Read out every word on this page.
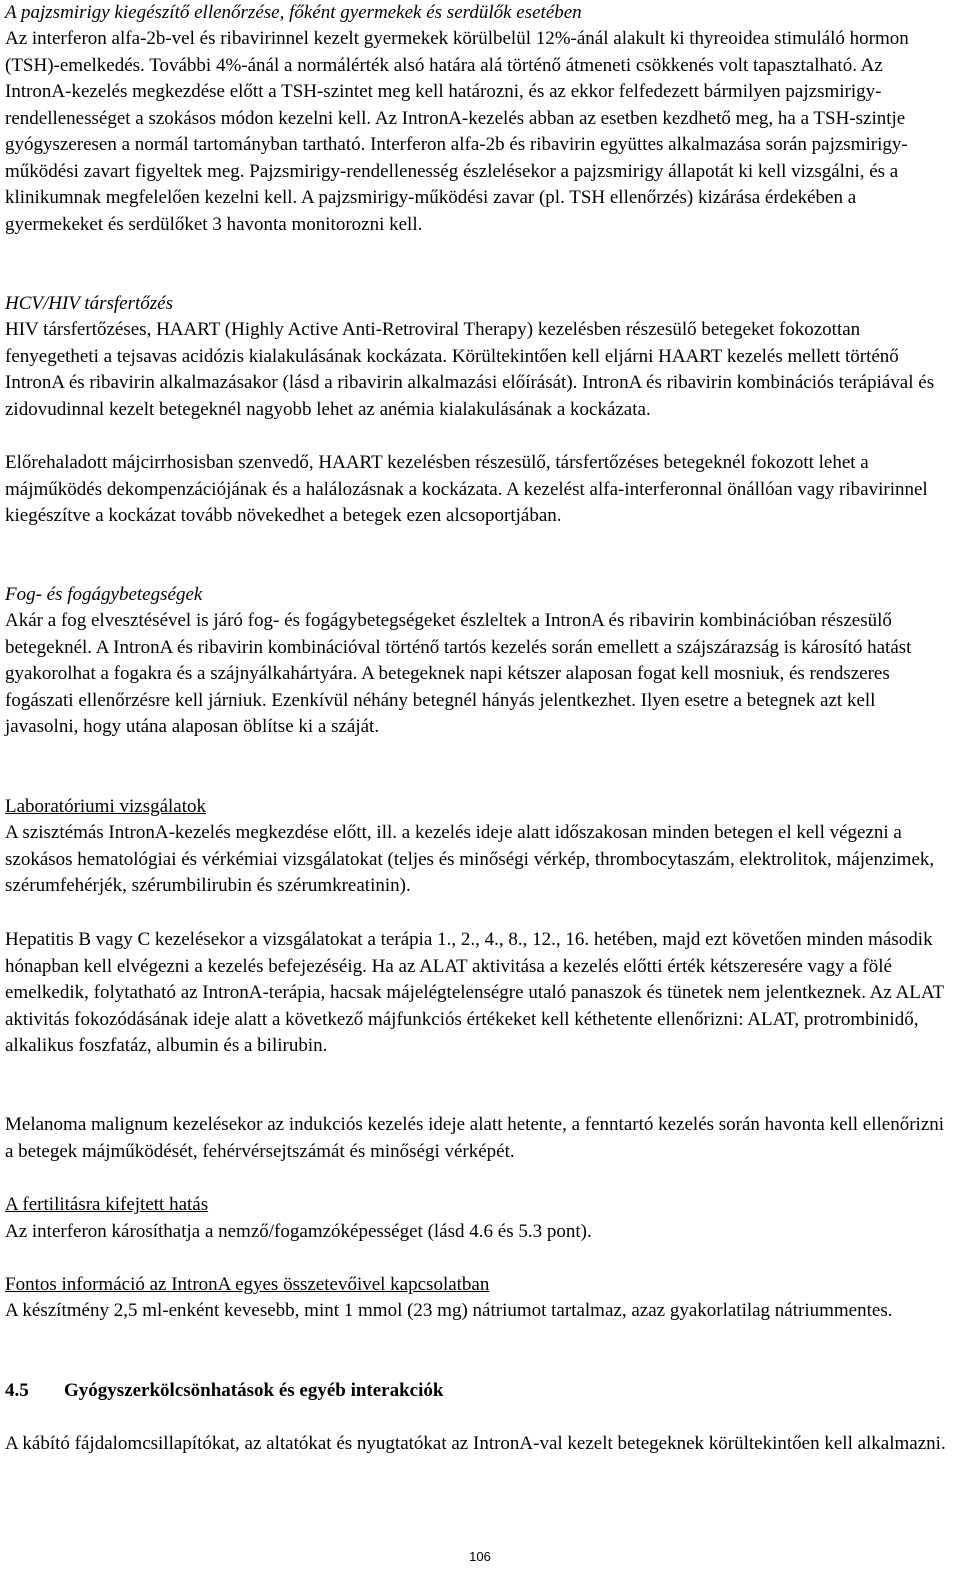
A pajzsmirigy kiegészítő ellenőrzése, főként gyermekek és serdülők esetében

Az interferon alfa-2b-vel és ribavirinnel kezelt gyermekek körülbelül 12%-ánál alakult ki thyreoidea stimuláló hormon (TSH)-emelkedés. További 4%-ánál a normálérték alsó határa alá történő átmeneti csökkenés volt tapasztalható. Az IntronA-kezelés megkezdése előtt a TSH-szintet meg kell határozni, és az ekkor felfedezett bármilyen pajzsmirigy-rendellenességet a szokásos módon kezelni kell. Az IntronA-kezelés abban az esetben kezdhető meg, ha a TSH-szintje gyógyszeresen a normál tartományban tartható. Interferon alfa-2b és ribavirin együttes alkalmazása során pajzsmirigy-működési zavart figyeltek meg. Pajzsmirigy-rendellenesség észlelésekor a pajzsmirigy állapotát ki kell vizsgálni, és a klinikumnak megfelelően kezelni kell. A pajzsmirigy-működési zavar (pl. TSH ellenőrzés) kizárása érdekében a gyermekeket és serdülőket 3 havonta monitorozni kell.

HCV/HIV társfertőzés

HIV társfertőzéses, HAART (Highly Active Anti-Retroviral Therapy) kezelésben részesülő betegeket fokozottan fenyegetheti a tejsavas acidózis kialakulásának kockázata. Körültekintően kell eljárni HAART kezelés mellett történő IntronA és ribavirin alkalmazásakor (lásd a ribavirin alkalmazási előírását). IntronA és ribavirin kombinációs terápiával és zidovudinnal kezelt betegeknél nagyobb lehet az anémia kialakulásának a kockázata.

Előrehaladott májcirrhosisban szenvedő, HAART kezelésben részesülő, társfertőzéses betegeknél fokozott lehet a májműködés dekompenzációjának és a halálozásnak a kockázata. A kezelést alfa-interferonnal önállóan vagy ribavirinnel kiegészítve a kockázat tovább növekedhet a betegek ezen alcsoportjában.

Fog- és fogágybetegségek

Akár a fog elvesztésével is járó fog- és fogágybetegségeket észleltek a IntronA és ribavirin kombinációban részesülő betegeknél. A IntronA és ribavirin kombinációval történő tartós kezelés során emellett a szájszárazság is károsító hatást gyakorolhat a fogakra és a szájnyálkahártyára. A betegeknek napi kétszer alaposan fogat kell mosniuk, és rendszeres fogászati ellenőrzésre kell járniuk. Ezenkívül néhány betegnél hányás jelentkezhet. Ilyen esetre a betegnek azt kell javasolni, hogy utána alaposan öblítse ki a száját.

Laboratóriumi vizsgálatok

A szisztémás IntronA-kezelés megkezdése előtt, ill. a kezelés ideje alatt időszakosan minden betegen el kell végezni a szokásos hematológiai és vérkémiai vizsgálatokat (teljes és minőségi vérkép, thrombocytaszám, elektrolitok, májenzimek, szérumfehérjék, szérumbilirubin és szérumkreatinin).

Hepatitis B vagy C kezelésekor a vizsgálatokat a terápia 1., 2., 4., 8., 12., 16. hetében, majd ezt követően minden második hónapban kell elvégezni a kezelés befejezéséig. Ha az ALAT aktivitása a kezelés előtti érték kétszeresére vagy a fölé emelkedik, folytatható az IntronA-terápia, hacsak májelégtelenségre utaló panaszok és tünetek nem jelentkeznek. Az ALAT aktivitás fokozódásának ideje alatt a következő májfunkciós értékeket kell kéthetente ellenőrizni: ALAT, protrombinidő, alkalikus foszfatáz, albumin és a bilirubin.

Melanoma malignum kezelésekor az indukciós kezelés ideje alatt hetente, a fenntartó kezelés során havonta kell ellenőrizni a betegek májműködését, fehérvérsejtszámát és minőségi vérképét.

A fertilitásra kifejtett hatás

Az interferon károsíthatja a nemző/fogamzóképességet (lásd 4.6 és 5.3 pont).

Fontos információ az IntronA egyes összetevőivel kapcsolatban

A készítmény 2,5 ml-enként kevesebb, mint 1 mmol (23 mg) nátriumot tartalmaz, azaz gyakorlatilag nátriummentes.

4.5 Gyógyszerkölcsönhatások és egyéb interakciók

A kábító fájdalomcsillapítókat, az altatókat és nyugtatókat az IntronA-val kezelt betegeknek körültekintően kell alkalmazni.

106
